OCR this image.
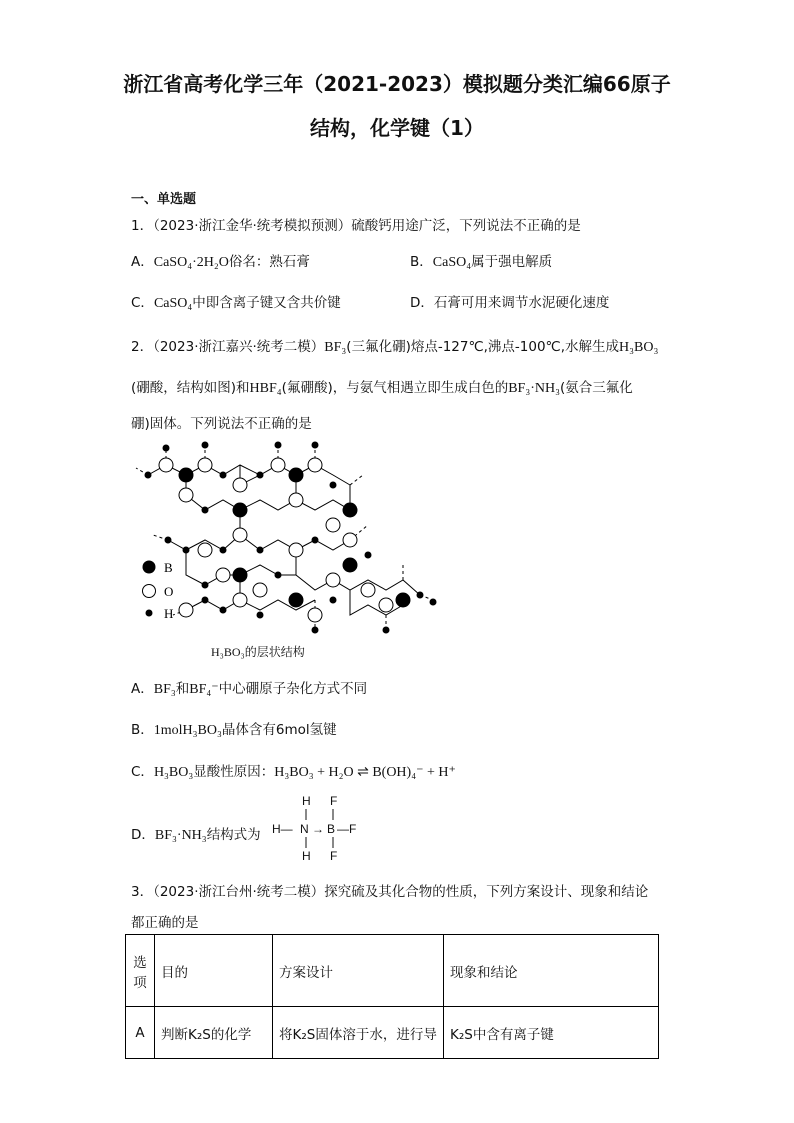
浙江省高考化学三年（2021-2023）模拟题分类汇编66原子
结构，化学键（1）
一、单选题
1．（2023·浙江金华·统考模拟预测）硫酸钙用途广泛，下列说法不正确的是
A．CaSO₄·2H₂O俗名：熟石膏	B．CaSO₄属于强电解质
C．CaSO₄中即含离子键又含共价键	D．石膏可用来调节水泥硬化速度
2．（2023·浙江嘉兴·统考二模）BF₃(三氟化硼)熔点-127℃,沸点-100℃,水解生成H₃BO₃
(硼酸，结构如图)和HBF₄(氟硼酸)，与氨气相遇立即生成白色的BF₃·NH₃(氨合三氟化
硼)固体。下列说法不正确的是
B
O
H
H₃BO₃的层状结构
A．BF₃和BF₄⁻中心硼原子杂化方式不同
B．1molH₃BO₃晶体含有6mol氢键
C．H₃BO₃显酸性原因：H₃BO₃ + H₂O ⇌ B(OH)₄⁻ + H⁺
D．BF₃·NH₃结构式为
H
H— N → B —F
F
F
H
3．（2023·浙江台州·统考二模）探究硫及其化合物的性质，下列方案设计、现象和结论
都正确的是
选项	目的	方案设计	现象和结论
A	判断K₂S的化学	将K₂S固体溶于水，进行导	K₂S中含有离子键
